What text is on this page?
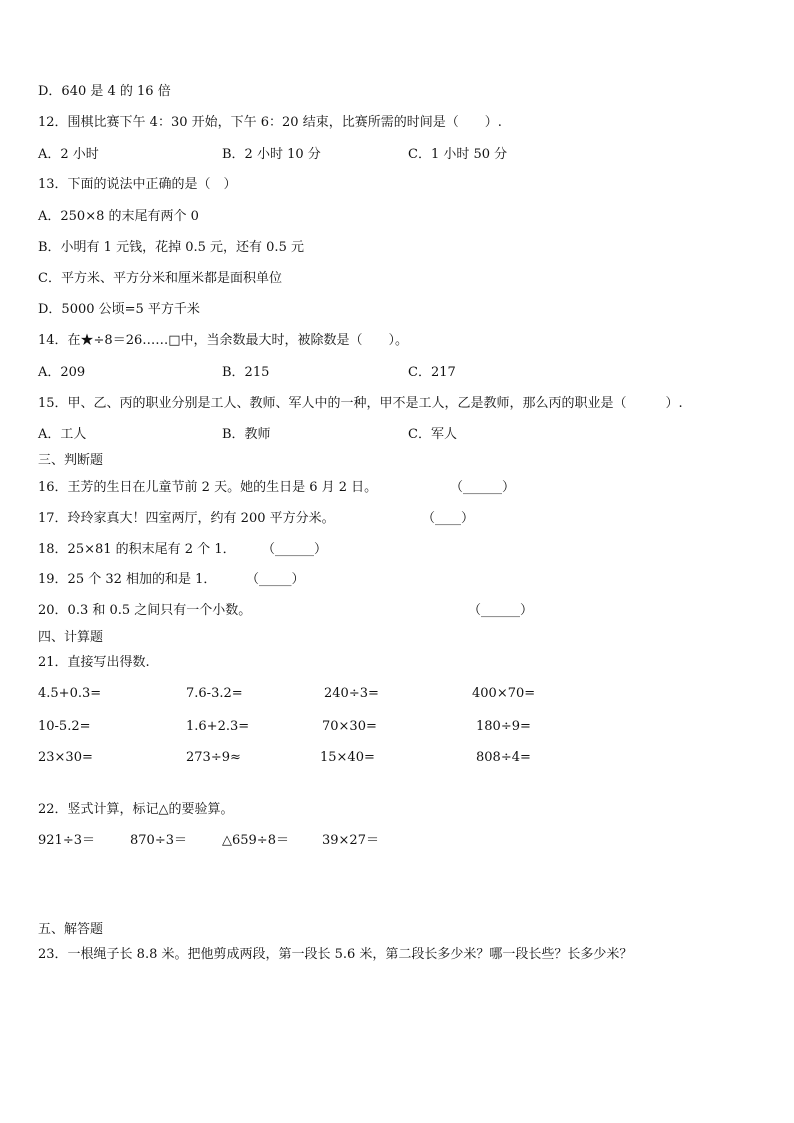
D．640 是 4 的 16 倍
12．围棋比赛下午 4：30 开始，下午 6：20 结束，比赛所需的时间是（　　）.
A．2 小时	B．2 小时 10 分	C．1 小时 50 分
13．下面的说法中正确的是（　）
A．250×8 的末尾有两个 0
B．小明有 1 元钱，花掉 0.5 元，还有 0.5 元
C．平方米、平方分米和厘米都是面积单位
D．5000 公顷=5 平方千米
14．在★÷8＝26……□中，当余数最大时，被除数是（　　）。
A．209	B．215	C．217
15．甲、乙、丙的职业分别是工人、教师、军人中的一种，甲不是工人，乙是教师，那么丙的职业是（　　　）.
A．工人	B．教师	C．军人
三、判断题
16．王芳的生日在儿童节前 2 天。她的生日是 6 月 2 日。	（______）
17．玲玲家真大！四室两厅，约有 200 平方分米。	（____）
18．25×81 的积末尾有 2 个 1． （______）
19．25 个 32 相加的和是 1． （_____）
20．0.3 和 0.5 之间只有一个小数。	（______）
四、计算题
21．直接写出得数.
4.5+0.3=	7.6-3.2=	240÷3=	400×70=
10-5.2=	1.6+2.3=	70×30=	180÷9=
23×30=	273÷9≈	15×40=	808÷4=
22．竖式计算，标记△的要验算。
921÷3＝	870÷3＝	△659÷8＝	39×27＝
五、解答题
23．一根绳子长 8.8 米。把他剪成两段，第一段长 5.6 米，第二段长多少米？哪一段长些？长多少米？
